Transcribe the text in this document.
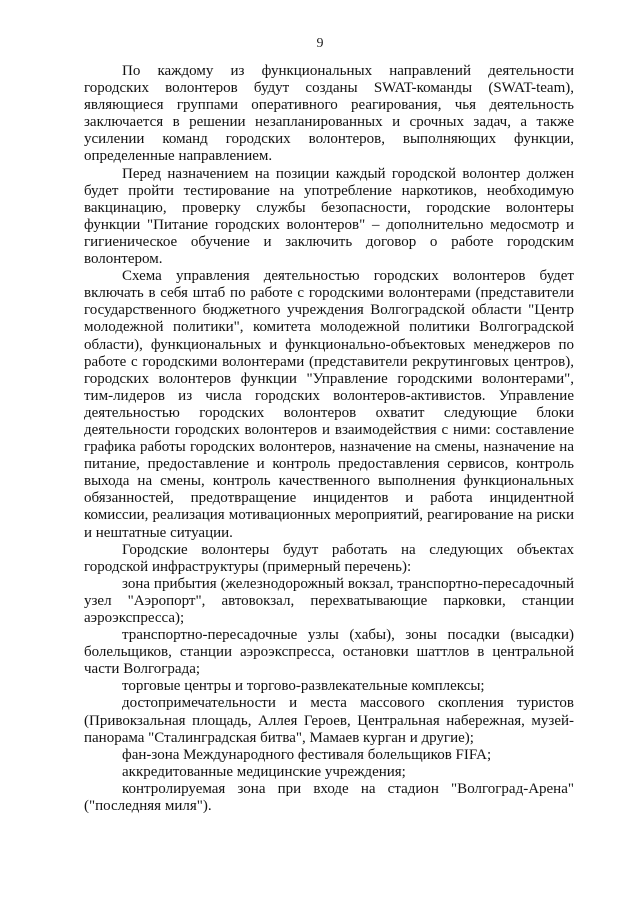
9

По каждому из функциональных направлений деятельности городских волонтеров будут созданы SWAT-команды (SWAT-team), являющиеся группами оперативного реагирования, чья деятельность заключается в решении незапланированных и срочных задач, а также усилении команд городских волонтеров, выполняющих функции, определенные направлением.

Перед назначением на позиции каждый городской волонтер должен будет пройти тестирование на употребление наркотиков, необходимую вакцинацию, проверку службы безопасности, городские волонтеры функции "Питание городских волонтеров" – дополнительно медосмотр и гигиеническое обучение и заключить договор о работе городским волонтером.

Схема управления деятельностью городских волонтеров будет включать в себя штаб по работе с городскими волонтерами (представители государственного бюджетного учреждения Волгоградской области "Центр молодежной политики", комитета молодежной политики Волгоградской области), функциональных и функционально-объектовых менеджеров по работе с городскими волонтерами (представители рекрутинговых центров), городских волонтеров функции "Управление городскими волонтерами", тим-лидеров из числа городских волонтеров-активистов. Управление деятельностью городских волонтеров охватит следующие блоки деятельности городских волонтеров и взаимодействия с ними: составление графика работы городских волонтеров, назначение на смены, назначение на питание, предоставление и контроль предоставления сервисов, контроль выхода на смены, контроль качественного выполнения функциональных обязанностей, предотвращение инцидентов и работа инцидентной комиссии, реализация мотивационных мероприятий, реагирование на риски и нештатные ситуации.

Городские волонтеры будут работать на следующих объектах городской инфраструктуры (примерный перечень):

зона прибытия (железнодорожный вокзал, транспортно-пересадочный узел "Аэропорт", автовокзал, перехватывающие парковки, станции аэроэкспресса);

транспортно-пересадочные узлы (хабы), зоны посадки (высадки) болельщиков, станции аэроэкспресса, остановки шаттлов в центральной части Волгограда;

торговые центры и торгово-развлекательные комплексы;

достопримечательности и места массового скопления туристов (Привокзальная площадь, Аллея Героев, Центральная набережная, музей-панорама "Сталинградская битва", Мамаев курган и другие);

фан-зона Международного фестиваля болельщиков FIFA;

аккредитованные медицинские учреждения;

контролируемая зона при входе на стадион "Волгоград-Арена" ("последняя миля").
